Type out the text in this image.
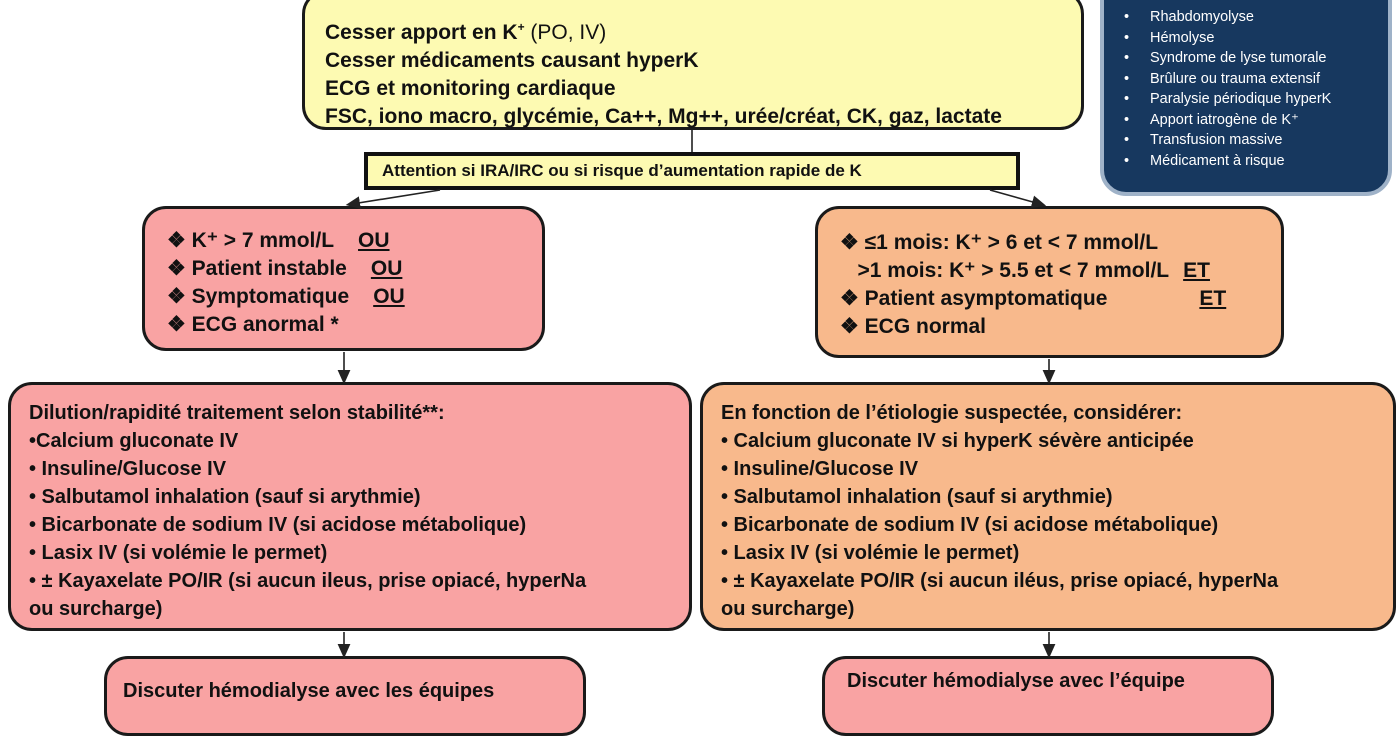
Cesser apport en K+ (PO, IV)
Cesser médicaments causant hyperK
ECG et monitoring cardiaque
FSC, iono macro, glycémie, Ca++, Mg++, urée/créat, CK, gaz, lactate
Attention si IRA/IRC ou si risque d’aumentation rapide de K
• Rhabdomyolyse
• Hémolyse
• Syndrome de lyse tumorale
• Brûlure ou trauma extensif
• Paralysie périodique hyperK
• Apport iatrogène de K⁺
• Transfusion massive
• Médicament à risque
❖ K⁺ > 7 mmol/L OU
❖ Patient instable OU
❖ Symptomatique OU
❖ ECG anormal *
❖ ≤1 mois: K⁺ > 6 et < 7 mmol/L
>1 mois: K⁺ > 5.5 et < 7 mmol/L ET
❖ Patient asymptomatique	ET
❖ ECG normal
Dilution/rapidité traitement selon stabilité**:
•Calcium gluconate IV
• Insuline/Glucose IV
• Salbutamol inhalation (sauf si arythmie)
• Bicarbonate de sodium IV (si acidose métabolique)
• Lasix IV (si volémie le permet)
• ± Kayaxelate PO/IR (si aucun ileus, prise opiacé, hyperNa
ou surcharge)
En fonction de l’étiologie suspectée, considérer:
• Calcium gluconate IV si hyperK sévère anticipée
• Insuline/Glucose IV
• Salbutamol inhalation (sauf si arythmie)
• Bicarbonate de sodium IV (si acidose métabolique)
• Lasix IV (si volémie le permet)
• ± Kayaxelate PO/IR (si aucun iléus, prise opiacé, hyperNa
ou surcharge)
Discuter hémodialyse avec les équipes	Discuter hémodialyse avec l’équipe
